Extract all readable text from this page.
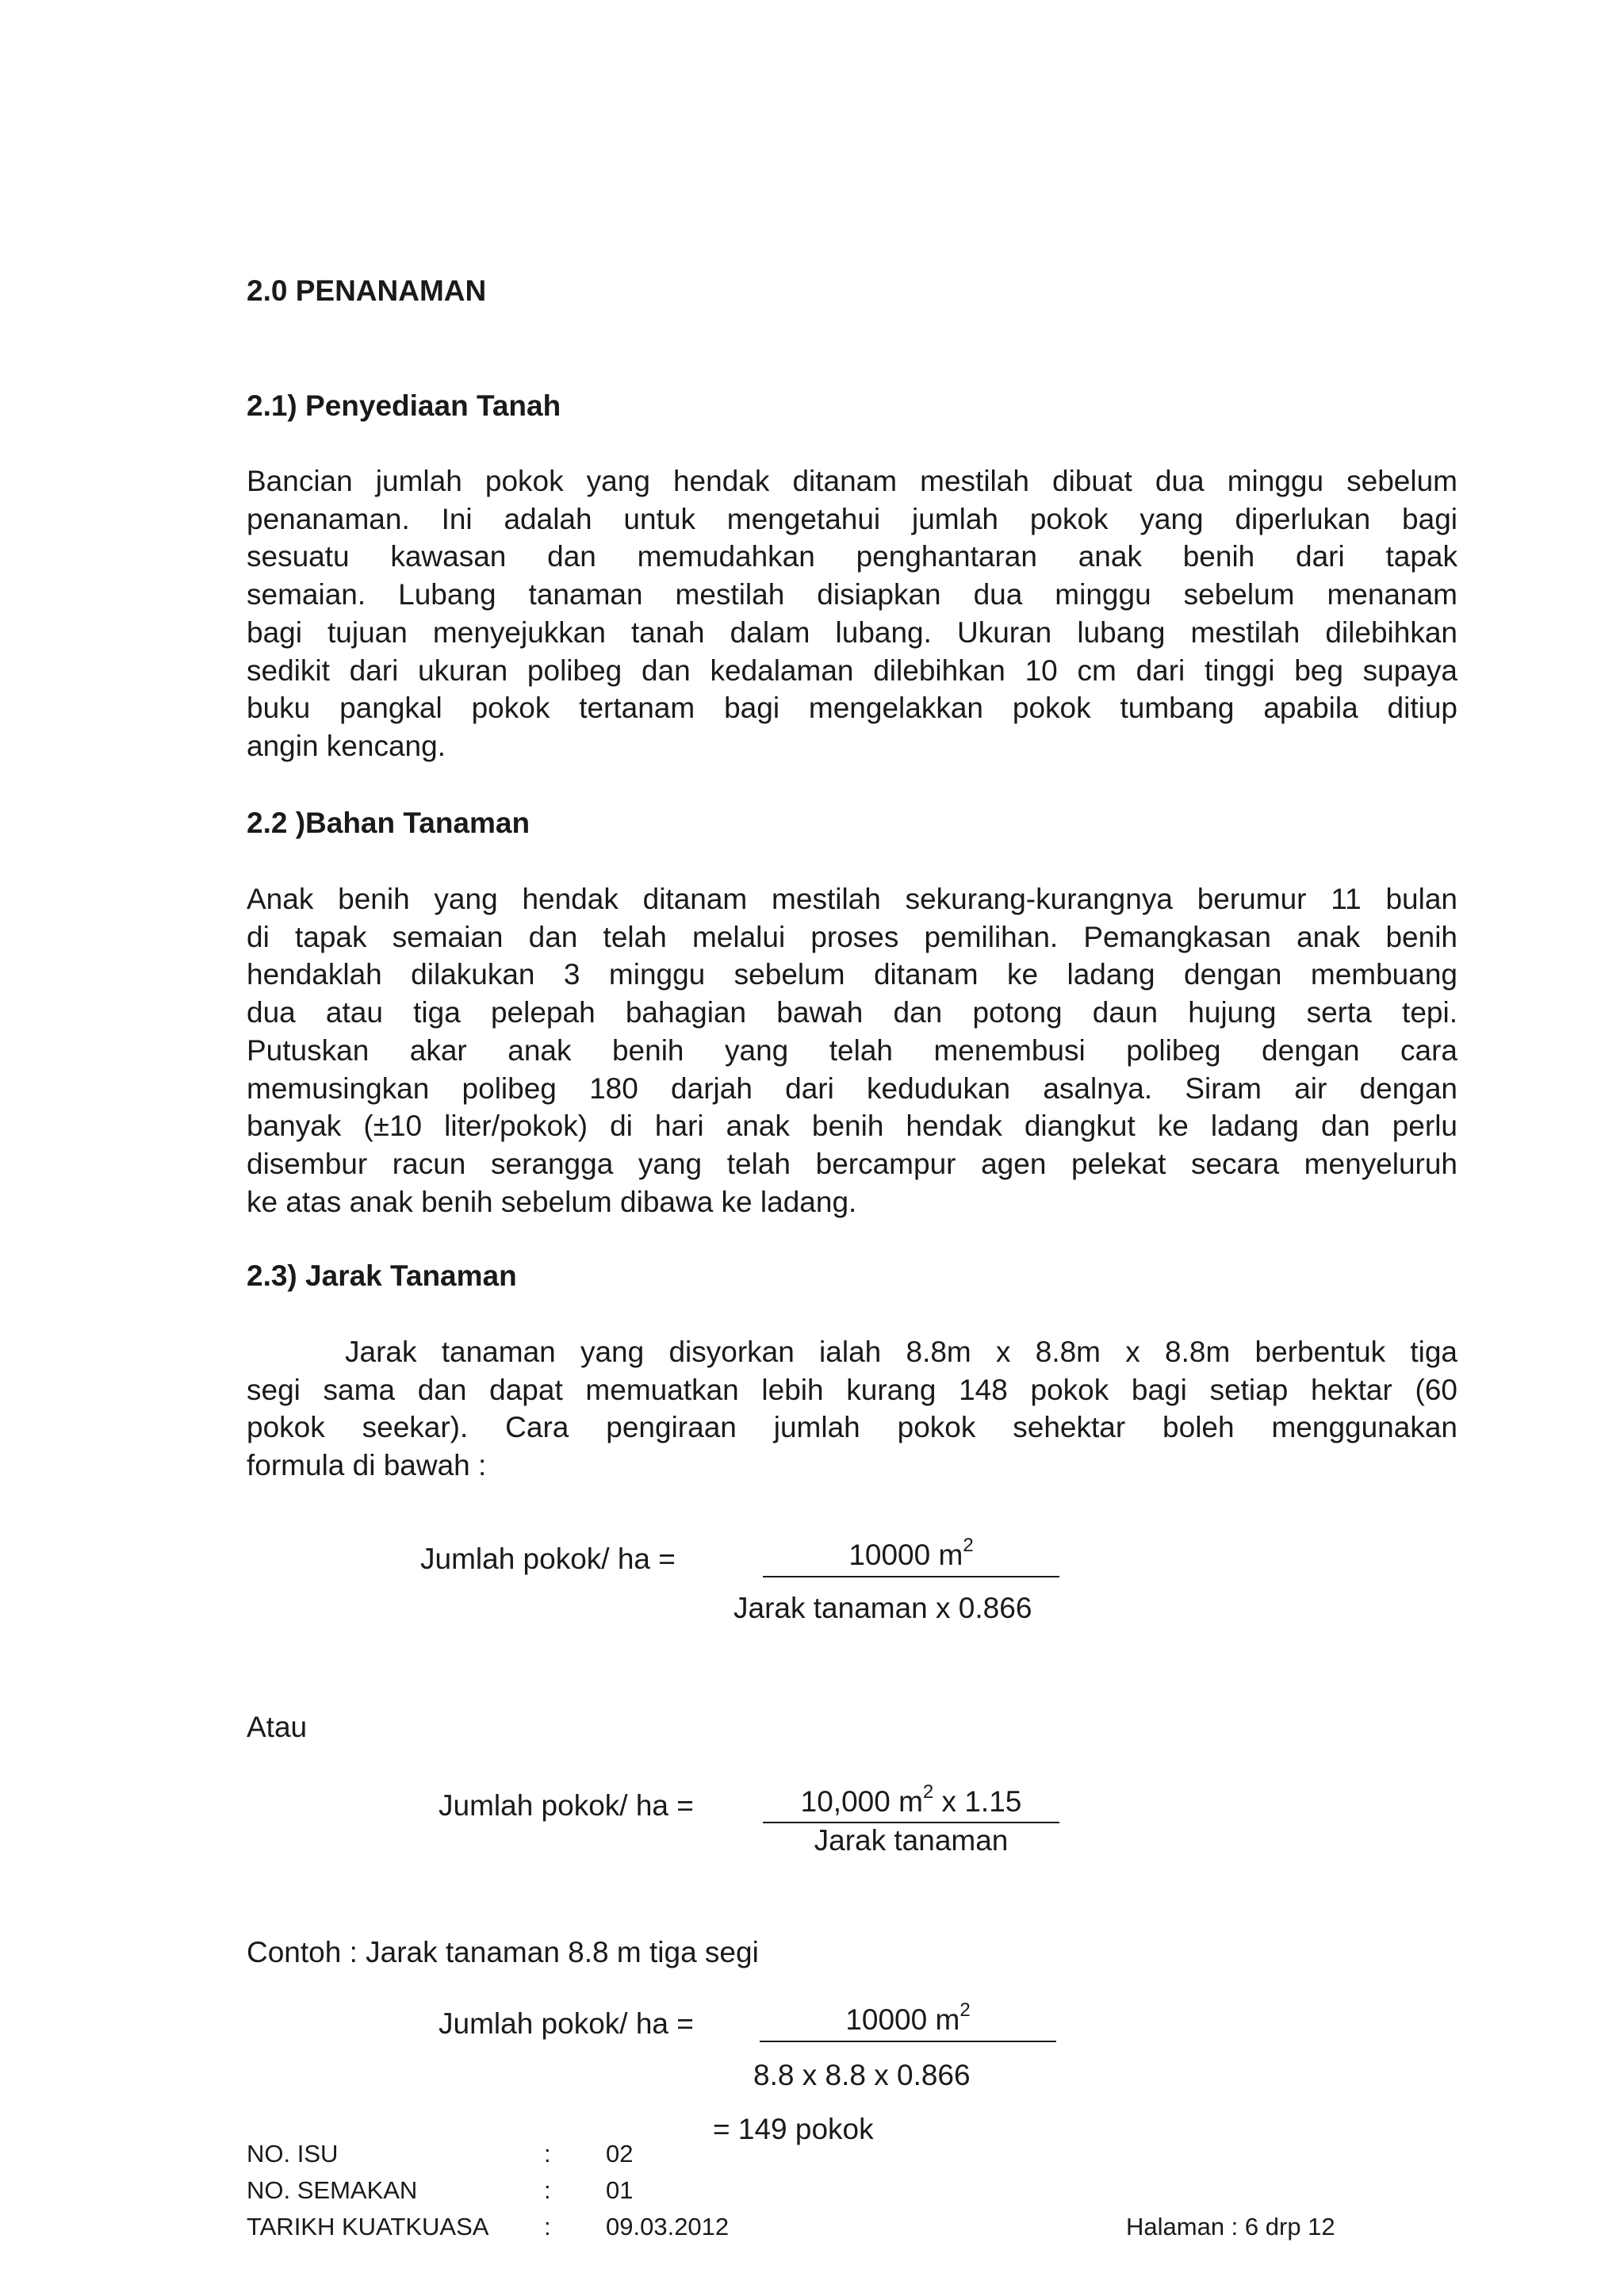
2.0 PENANAMAN
2.1) Penyediaan Tanah
Bancian jumlah pokok yang hendak ditanam mestilah dibuat dua minggu sebelum
penanaman. Ini adalah untuk mengetahui jumlah pokok yang diperlukan bagi
sesuatu kawasan dan memudahkan penghantaran anak benih dari tapak
semaian. Lubang tanaman mestilah disiapkan dua minggu sebelum menanam
bagi tujuan menyejukkan tanah dalam lubang. Ukuran lubang mestilah dilebihkan
sedikit dari ukuran polibeg dan kedalaman dilebihkan 10 cm dari tinggi beg supaya
buku pangkal pokok tertanam bagi mengelakkan pokok tumbang apabila ditiup
angin kencang.
2.2 )Bahan Tanaman
Anak benih yang hendak ditanam mestilah sekurang-kurangnya berumur 11 bulan
di tapak semaian dan telah melalui proses pemilihan. Pemangkasan anak benih
hendaklah dilakukan 3 minggu sebelum ditanam ke ladang dengan membuang
dua atau tiga pelepah bahagian bawah dan potong daun hujung serta tepi.
Putuskan akar anak benih yang telah menembusi polibeg dengan cara
memusingkan polibeg 180 darjah dari kedudukan asalnya. Siram air dengan
banyak (±10 liter/pokok) di hari anak benih hendak diangkut ke ladang dan perlu
disembur racun serangga yang telah bercampur agen pelekat secara menyeluruh
ke atas anak benih sebelum dibawa ke ladang.
2.3) Jarak Tanaman
Jarak tanaman yang disyorkan ialah 8.8m x 8.8m x 8.8m berbentuk tiga
segi sama dan dapat memuatkan lebih kurang 148 pokok bagi setiap hektar (60
pokok seekar). Cara pengiraan jumlah pokok sehektar boleh menggunakan
formula di bawah :
Jumlah pokok/ ha =	10000 $m^2$
Jarak tanaman x 0.866
Atau
Jumlah pokok/ ha =	10,000 $m^2$ x 1.15
Jarak tanaman
Contoh : Jarak tanaman 8.8 m tiga segi
Jumlah pokok/ ha =	10000 $m^2$
8.8 x 8.8 x 0.866
= 149 pokok
NO. ISU	: 02
NO. SEMAKAN	: 01
TARIKH KUATKUASA : 09.03.2012	Halaman : 6 drp 12
